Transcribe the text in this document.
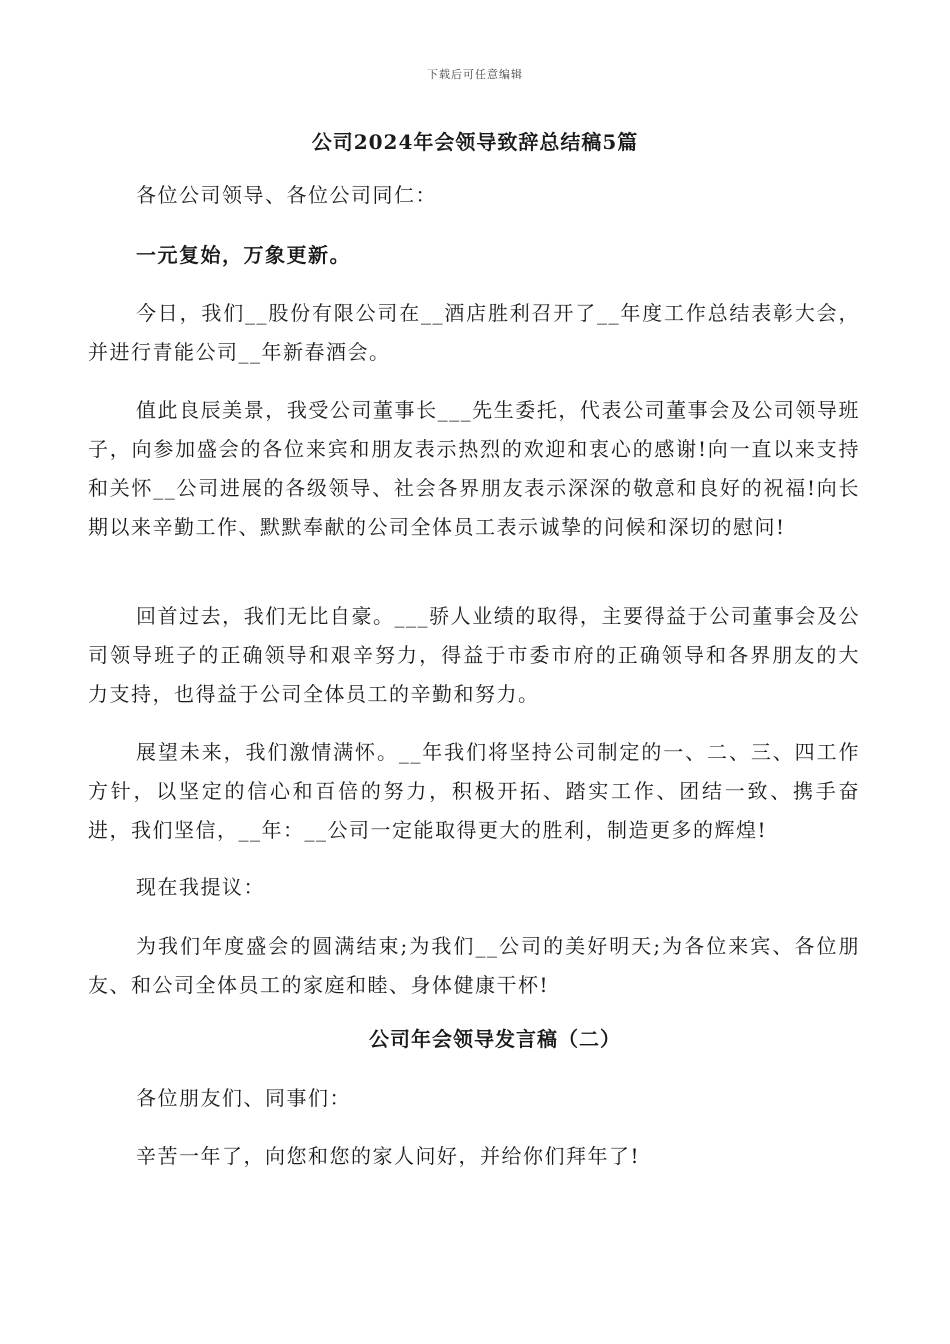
下载后可任意编辑
公司2024年会领导致辞总结稿5篇
各位公司领导、各位公司同仁：
一元复始，万象更新。
今日，我们__股份有限公司在__酒店胜利召开了__年度工作总结表彰大会，并进行青能公司__年新春酒会。
值此良辰美景，我受公司董事长___先生委托，代表公司董事会及公司领导班子，向参加盛会的各位来宾和朋友表示热烈的欢迎和衷心的感谢!向一直以来支持和关怀__公司进展的各级领导、社会各界朋友表示深深的敬意和良好的祝福!向长期以来辛勤工作、默默奉献的公司全体员工表示诚挚的问候和深切的慰问!
回首过去，我们无比自豪。___骄人业绩的取得，主要得益于公司董事会及公司领导班子的正确领导和艰辛努力，得益于市委市府的正确领导和各界朋友的大力支持，也得益于公司全体员工的辛勤和努力。
展望未来，我们激情满怀。__年我们将坚持公司制定的一、二、三、四工作方针，以坚定的信心和百倍的努力，积极开拓、踏实工作、团结一致、携手奋进，我们坚信，__年：__公司一定能取得更大的胜利，制造更多的辉煌!
现在我提议：
为我们年度盛会的圆满结束;为我们__公司的美好明天;为各位来宾、各位朋友、和公司全体员工的家庭和睦、身体健康干杯!
公司年会领导发言稿（二）
各位朋友们、同事们：
辛苦一年了，向您和您的家人问好，并给你们拜年了!
